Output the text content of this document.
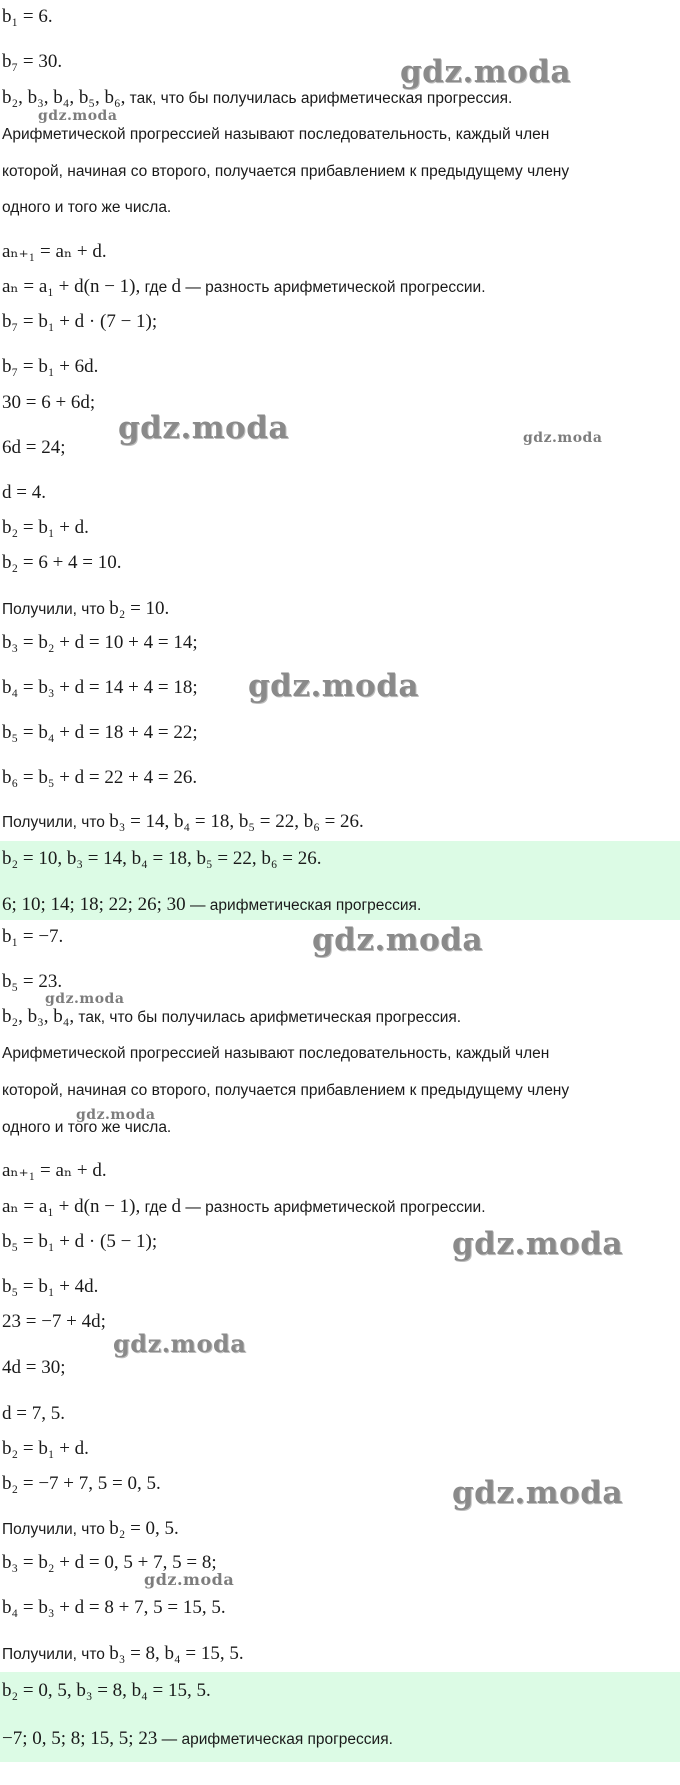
b₁ = 6.
b₇ = 30.
b₂, b₃, b₄, b₅, b₆, так, что бы получилась арифметическая прогрессия.
Арифметической прогрессией называют последовательность, каждый член
которой, начиная со второго, получается прибавлением к предыдущему члену
одного и того же числа.
aₙ₊₁ = aₙ + d.
aₙ = a₁ + d(n − 1), где d — разность арифметической прогрессии.
b₇ = b₁ + d · (7 − 1);
b₇ = b₁ + 6d.
30 = 6 + 6d;
6d = 24;
d = 4.
b₂ = b₁ + d.
b₂ = 6 + 4 = 10.
Получили, что b₂ = 10.
b₃ = b₂ + d = 10 + 4 = 14;
b₄ = b₃ + d = 14 + 4 = 18;
b₅ = b₄ + d = 18 + 4 = 22;
b₆ = b₅ + d = 22 + 4 = 26.
Получили, что b₃ = 14, b₄ = 18, b₅ = 22, b₆ = 26.
b₂ = 10, b₃ = 14, b₄ = 18, b₅ = 22, b₆ = 26.
6; 10; 14; 18; 22; 26; 30 — арифметическая прогрессия.
b₁ = −7.
b₅ = 23.
b₂, b₃, b₄, так, что бы получилась арифметическая прогрессия.
Арифметической прогрессией называют последовательность, каждый член
которой, начиная со второго, получается прибавлением к предыдущему члену
одного и того же числа.
aₙ₊₁ = aₙ + d.
aₙ = a₁ + d(n − 1), где d — разность арифметической прогрессии.
b₅ = b₁ + d · (5 − 1);
b₅ = b₁ + 4d.
23 = −7 + 4d;
4d = 30;
d = 7, 5.
b₂ = b₁ + d.
b₂ = −7 + 7, 5 = 0, 5.
Получили, что b₂ = 0, 5.
b₃ = b₂ + d = 0, 5 + 7, 5 = 8;
b₄ = b₃ + d = 8 + 7, 5 = 15, 5.
Получили, что b₃ = 8, b₄ = 15, 5.
b₂ = 0, 5, b₃ = 8, b₄ = 15, 5.
−7; 0, 5; 8; 15, 5; 23 — арифметическая прогрессия.
gdz.moda
gdz.moda
gdz.moda	gdz.moda
gdz.moda
gdz.moda
gdz.moda
gdz.moda
gdz.moda
gdz.moda
gdz.moda
gdz.moda
